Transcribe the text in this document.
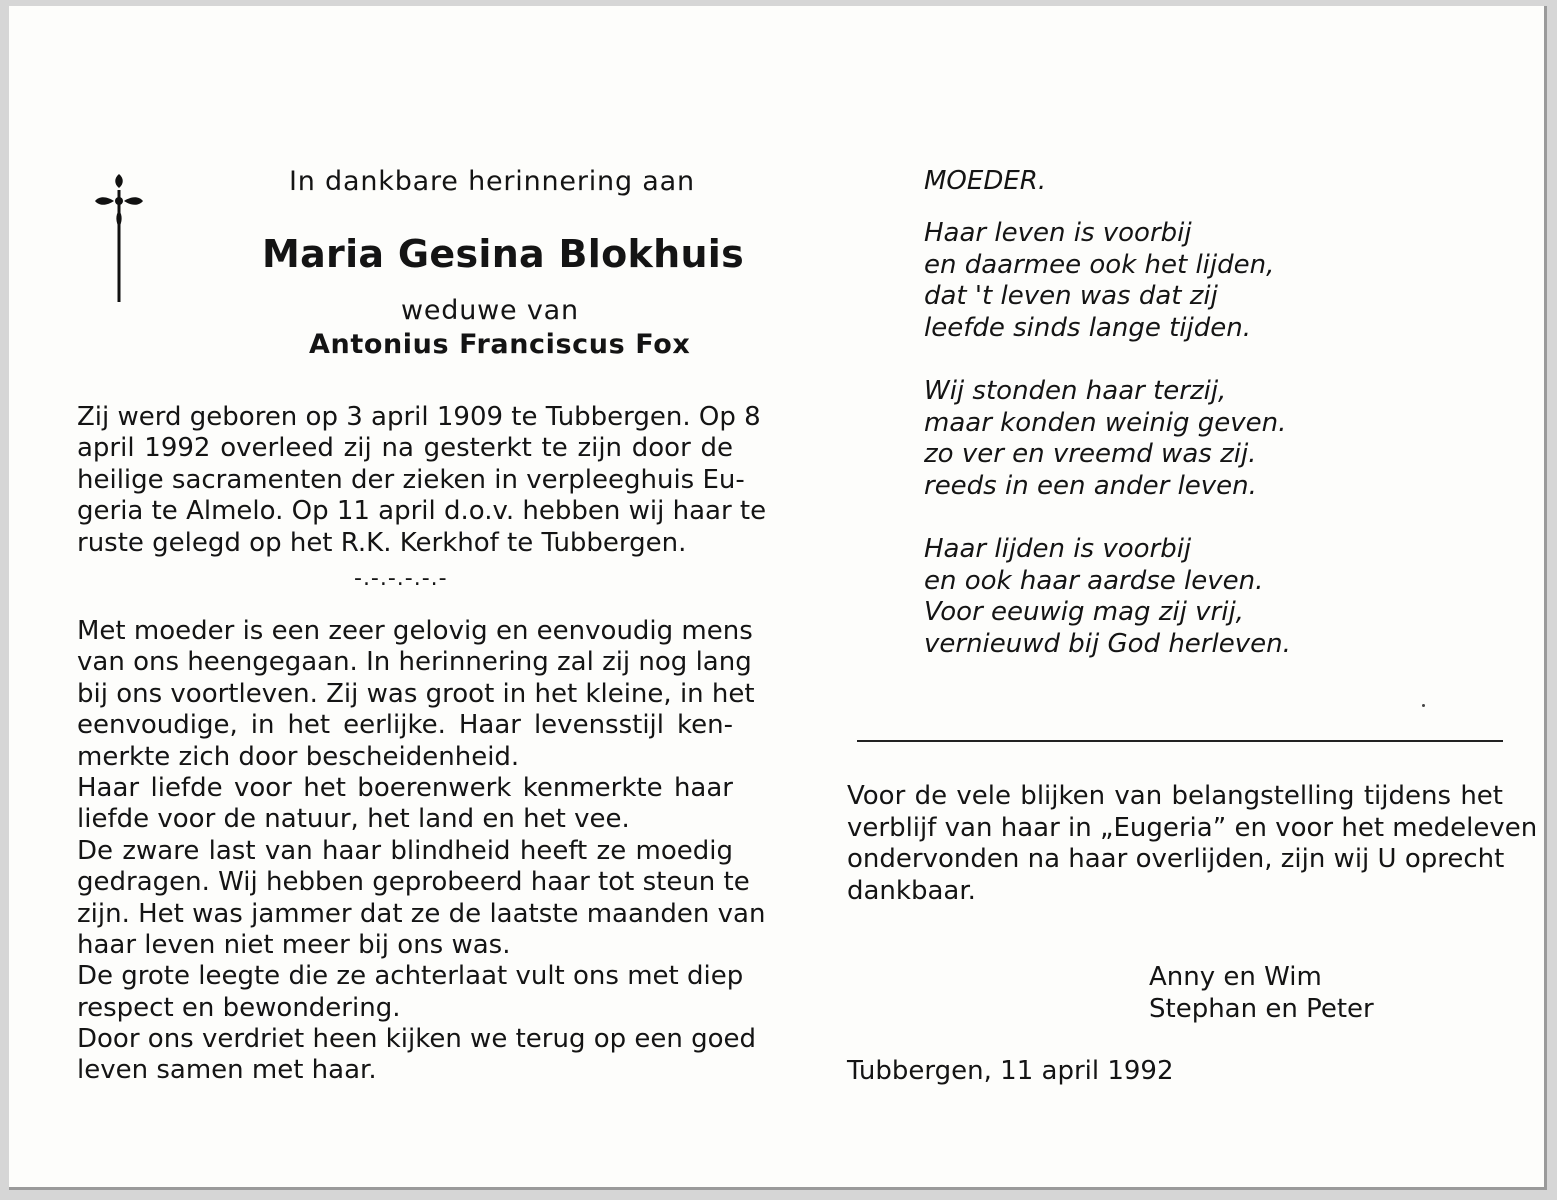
In dankbare herinnering aan
Maria Gesina Blokhuis
weduwe van
Antonius Franciscus Fox
Zij werd geboren op 3 april 1909 te Tubbergen. Op 8
april 1992 overleed zij na gesterkt te zijn door de
heilige sacramenten der zieken in verpleeghuis Eu-
geria te Almelo. Op 11 april d.o.v. hebben wij haar te
ruste gelegd op het R.K. Kerkhof te Tubbergen.
-.-.-.-.-.-
Met moeder is een zeer gelovig en eenvoudig mens
van ons heengegaan. In herinnering zal zij nog lang
bij ons voortleven. Zij was groot in het kleine, in het
eenvoudige, in het eerlijke. Haar levensstijl ken-
merkte zich door bescheidenheid.
Haar liefde voor het boerenwerk kenmerkte haar
liefde voor de natuur, het land en het vee.
De zware last van haar blindheid heeft ze moedig
gedragen. Wij hebben geprobeerd haar tot steun te
zijn. Het was jammer dat ze de laatste maanden van
haar leven niet meer bij ons was.
De grote leegte die ze achterlaat vult ons met diep
respect en bewondering.
Door ons verdriet heen kijken we terug op een goed
leven samen met haar.
MOEDER.
Haar leven is voorbij
en daarmee ook het lijden,
dat 't leven was dat zij
leefde sinds lange tijden.
Wij stonden haar terzij,
maar konden weinig geven.
zo ver en vreemd was zij.
reeds in een ander leven.
Haar lijden is voorbij
en ook haar aardse leven.
Voor eeuwig mag zij vrij,
vernieuwd bij God herleven.
Voor de vele blijken van belangstelling tijdens het
verblijf van haar in „Eugeria” en voor het medeleven
ondervonden na haar overlijden, zijn wij U oprecht
dankbaar.
Anny en Wim
Stephan en Peter
Tubbergen, 11 april 1992
